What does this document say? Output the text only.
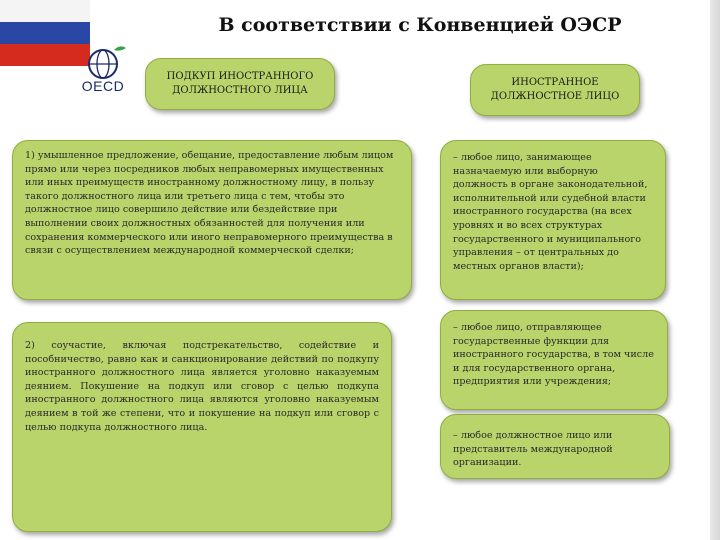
В соответствии с Конвенцией ОЭСР
OECD
ПОДКУП ИНОСТРАННОГО ДОЛЖНОСТНОГО ЛИЦА
ИНОСТРАННОЕ ДОЛЖНОСТНОЕ ЛИЦО
1) умышленное предложение, обещание, предоставление любым лицом прямо или через посредников любых неправомерных имущественных или иных преимуществ иностранному должностному лицу, в пользу такого должностного лица или третьего лица с тем, чтобы это должностное лицо совершило действие или бездействие при выполнении своих должностных обязанностей для получения или сохранения коммерческого или иного неправомерного преимущества в связи с осуществлением международной коммерческой сделки;
2) соучастие, включая подстрекательство, содействие и пособничество, равно как и санкционирование действий по подкупу иностранного должностного лица является уголовно наказуемым деянием. Покушение на подкуп или сговор с целью подкупа иностранного должностного лица являются уголовно наказуемым деянием в той же степени, что и покушение на подкуп или сговор с целью подкупа должностного лица.
– любое лицо, занимающее назначаемую или выборную должность в органе законодательной, исполнительной или судебной власти иностранного государства (на всех уровнях и во всех структурах государственного и муниципального управления – от центральных до местных органов власти);
– любое лицо, отправляющее государственные функции для иностранного государства, в том числе и для государственного органа, предприятия или учреждения;
– любое должностное лицо или представитель международной организации.
